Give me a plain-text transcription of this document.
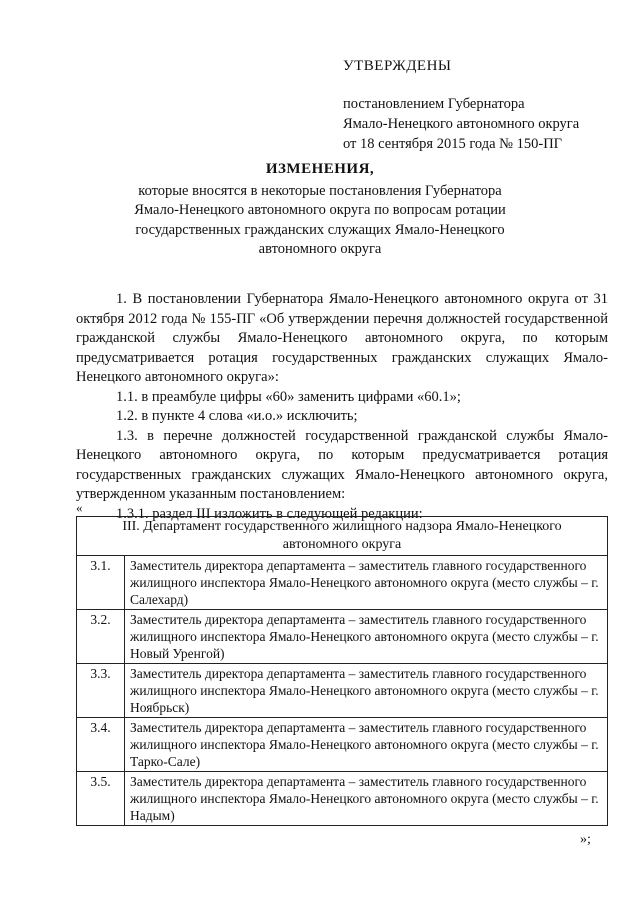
УТВЕРЖДЕНЫ
постановлением Губернатора
Ямало-Ненецкого автономного округа
от 18 сентября 2015 года № 150-ПГ
ИЗМЕНЕНИЯ,
которые вносятся в некоторые постановления Губернатора
Ямало-Ненецкого автономного округа по вопросам ротации
государственных гражданских служащих Ямало-Ненецкого
автономного округа

1. В постановлении Губернатора Ямало-Ненецкого автономного округа от 31 октября 2012 года № 155-ПГ «Об утверждении перечня должностей государственной гражданской службы Ямало-Ненецкого автономного округа, по которым предусматривается ротация государственных гражданских служащих Ямало-Ненецкого автономного округа»:

1.1. в преамбуле цифры «60» заменить цифрами «60.1»;

1.2. в пункте 4 слова «и.о.» исключить;

1.3. в перечне должностей государственной гражданской службы Ямало-Ненецкого автономного округа, по которым предусматривается ротация государственных гражданских служащих Ямало-Ненецкого автономного округа, утвержденном указанным постановлением:

1.3.1. раздел III изложить в следующей редакции:

«
III. Департамент государственного жилищного надзора Ямало-Ненецкого автономного округа	
3.1.	Заместитель директора департамента – заместитель главного государственного жилищного инспектора Ямало-Ненецкого автономного округа (место службы – г. Салехард)
3.2.	Заместитель директора департамента – заместитель главного государственного жилищного инспектора Ямало-Ненецкого автономного округа (место службы – г. Новый Уренгой)
3.3.	Заместитель директора департамента – заместитель главного государственного жилищного инспектора Ямало-Ненецкого автономного округа (место службы – г. Ноябрьск)
3.4.	Заместитель директора департамента – заместитель главного государственного жилищного инспектора Ямало-Ненецкого автономного округа (место службы – г. Тарко-Сале)
3.5.	Заместитель директора департамента – заместитель главного государственного жилищного инспектора Ямало-Ненецкого автономного округа (место службы – г. Надым)
»;
